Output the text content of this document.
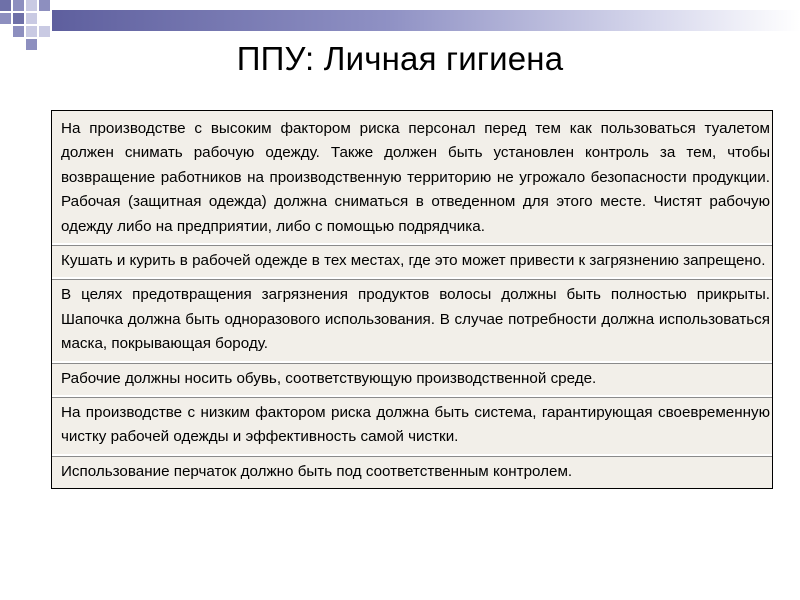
ППУ: Личная гигиена
На производстве с высоким фактором риска персонал перед тем как пользоваться туалетом должен снимать рабочую одежду. Также должен быть установлен контроль за тем, чтобы возвращение работников на производственную территорию не угрожало безопасности продукции. Рабочая (защитная одежда) должна сниматься в отведенном для этого месте. Чистят рабочую одежду либо на предприятии, либо с помощью подрядчика.
Кушать и курить в рабочей одежде в тех местах, где это может привести к загрязнению запрещено.
В целях предотвращения загрязнения продуктов волосы должны быть полностью прикрыты. Шапочка должна быть одноразового использования. В случае потребности должна использоваться маска, покрывающая бороду.
Рабочие должны носить обувь, соответствующую производственной среде.
На производстве с низким фактором риска должна быть система, гарантирующая своевременную чистку рабочей одежды и эффективность самой чистки.
Использование перчаток должно быть под соответственным контролем.
